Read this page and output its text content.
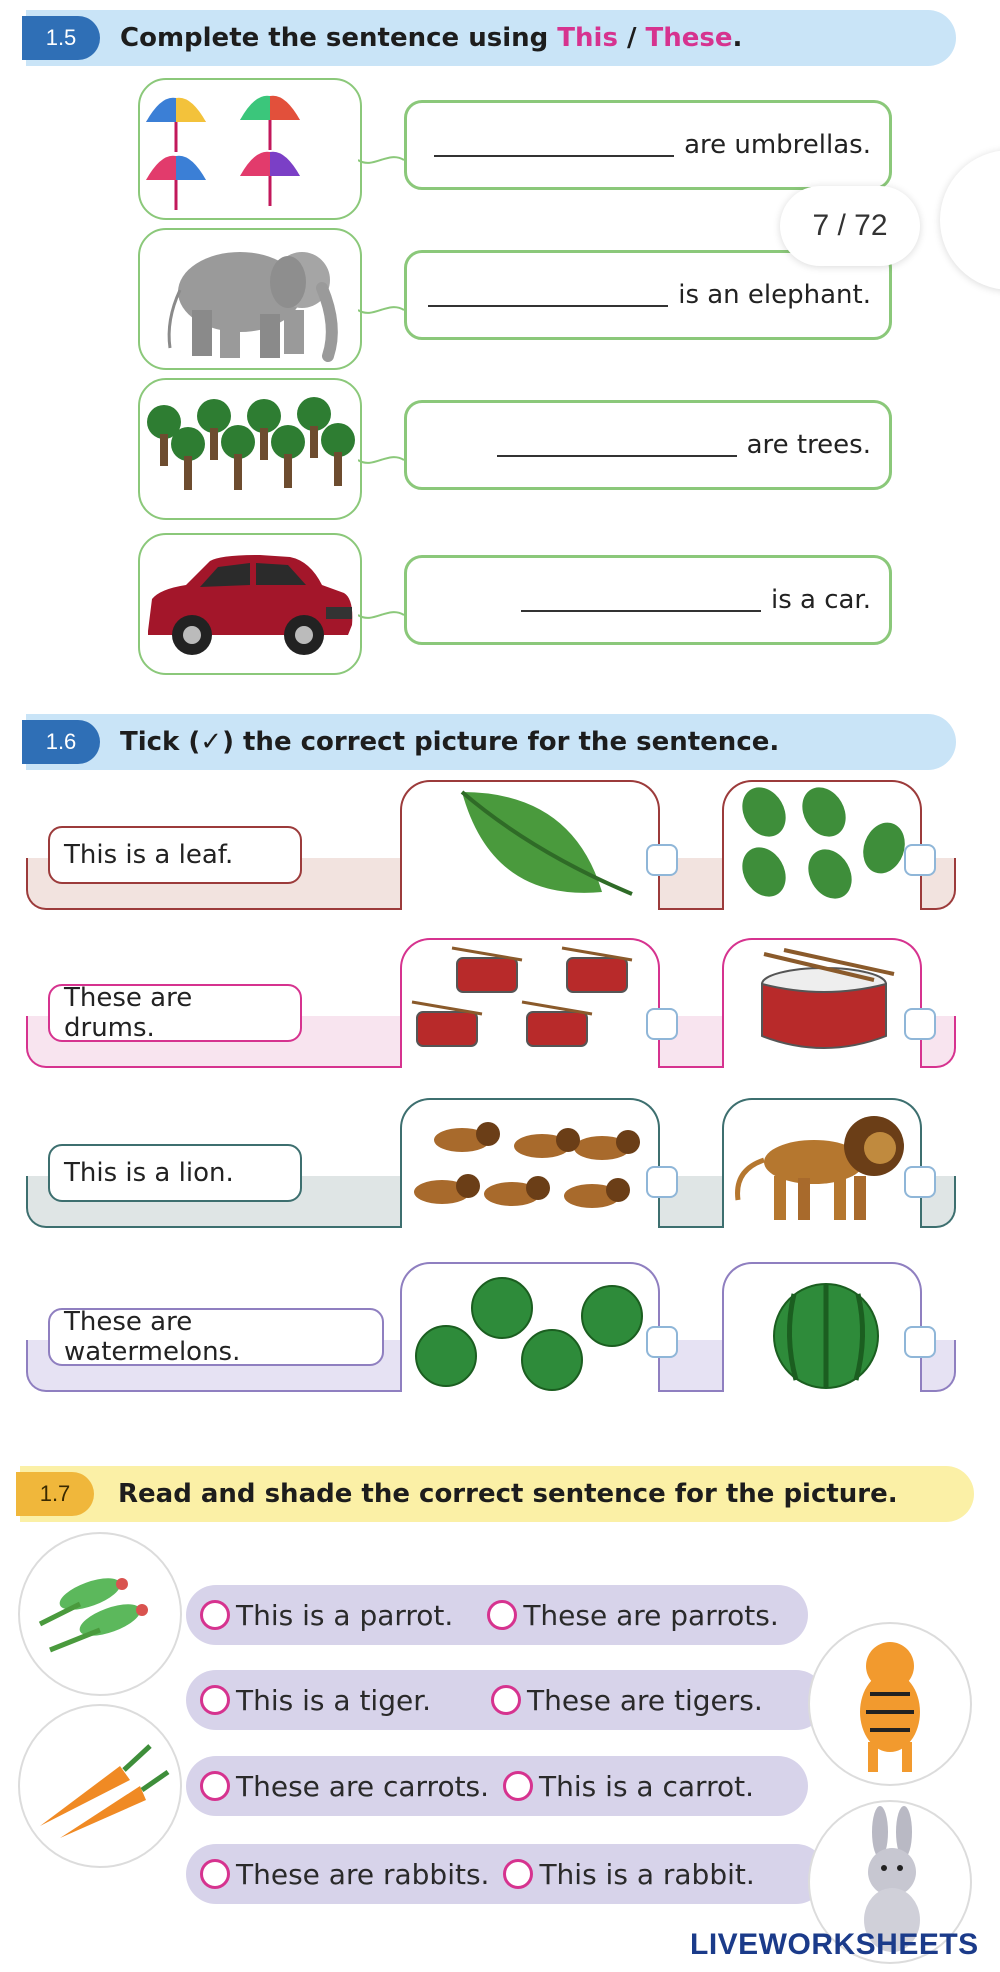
1.5	Complete the sentence using This / These.
are umbrellas.
is an elephant.
are trees.
is a car.
7 / 72
1.6	Tick (✓) the correct picture for the sentence.
This is a leaf.
These are drums.
This is a lion.
These are watermelons.
1.7	Read and shade the correct sentence for the picture.
This is a parrot.	These are parrots.
This is a tiger.	These are tigers.
These are carrots. This is a carrot.
These are rabbits. This is a rabbit.
LIVEWORKSHEETS
